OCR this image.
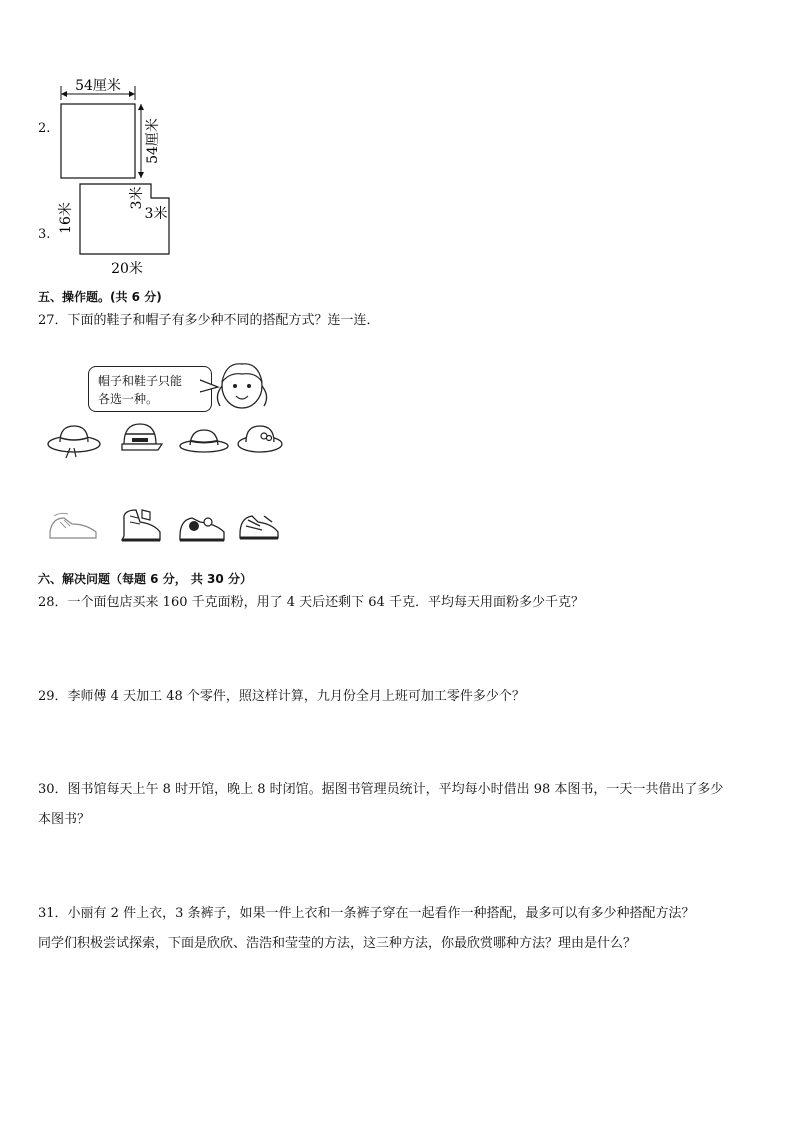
2.
54厘米
54厘米
3.
16米
3米
3米
20米
五、操作题。(共 6 分)
27．下面的鞋子和帽子有多少种不同的搭配方式？连一连．
帽子和鞋子只能
各选一种。
六、解决问题（每题 6 分， 共 30 分）
28．一个面包店买来 160 千克面粉，用了 4 天后还剩下 64 千克．平均每天用面粉多少千克？
29．李师傅 4 天加工 48 个零件，照这样计算，九月份全月上班可加工零件多少个？
30．图书馆每天上午 8 时开馆，晚上 8 时闭馆。据图书管理员统计，平均每小时借出 98 本图书，一天一共借出了多少
本图书？
31．小丽有 2 件上衣，3 条裤子，如果一件上衣和一条裤子穿在一起看作一种搭配，最多可以有多少种搭配方法？
同学们积极尝试探索，下面是欣欣、浩浩和莹莹的方法，这三种方法，你最欣赏哪种方法？理由是什么？
